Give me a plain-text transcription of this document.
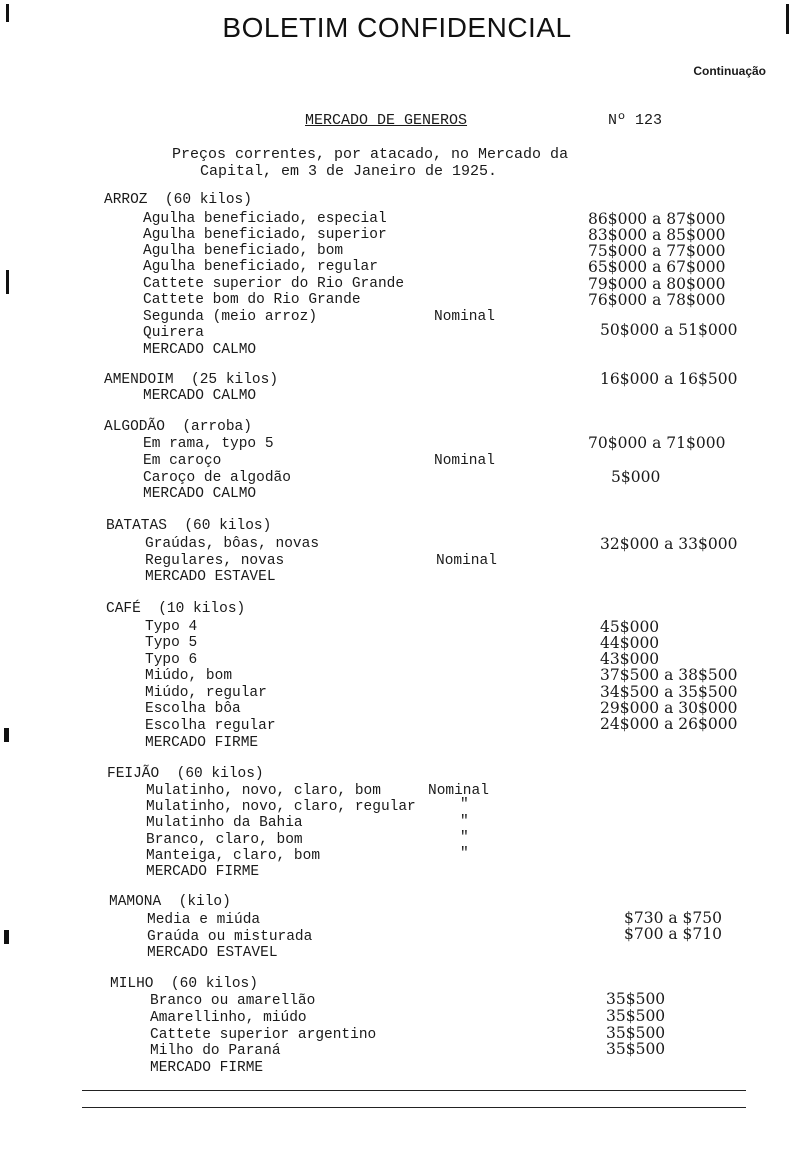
BOLETIM CONFIDENCIAL
Continuação
MERCADO DE GENEROS	Nº 123
Preços correntes, por atacado, no Mercado da
Capital, em 3 de Janeiro de 1925.
ARROZ  (60 kilos)
Agulha beneficiado, especial	86$000 a 87$000
Agulha beneficiado, superior	83$000 a 85$000
Agulha beneficiado, bom	75$000 a 77$000
Agulha beneficiado, regular	65$000 a 67$000
Cattete superior do Rio Grande	79$000 a 80$000
Cattete bom do Rio Grande	76$000 a 78$000
Segunda (meio arroz)	Nominal
Quirera	50$000 a 51$000
MERCADO CALMO
AMENDOIM  (25 kilos)	16$000 a 16$500
MERCADO CALMO
ALGODÃO  (arroba)
Em rama, typo 5	70$000 a 71$000
Em caroço	Nominal
Caroço de algodão	5$000
MERCADO CALMO
BATATAS  (60 kilos)
Graúdas, bôas, novas	32$000 a 33$000
Regulares, novas	Nominal
MERCADO ESTAVEL
CAFÉ  (10 kilos)
Typo 4	45$000
Typo 5	44$000
Typo 6	43$000
Miúdo, bom	37$500 a 38$500
Miúdo, regular	34$500 a 35$500
Escolha bôa	29$000 a 30$000
Escolha regular	24$000 a 26$000
MERCADO FIRME
FEIJÃO  (60 kilos)
Mulatinho, novo, claro, bom	Nominal
Mulatinho, novo, claro, regular	"
Mulatinho da Bahia	"
Branco, claro, bom	"
Manteiga, claro, bom	"
MERCADO FIRME
MAMONA  (kilo)
Media e miúda	$730 a $750
Graúda ou misturada	$700 a $710
MERCADO ESTAVEL
MILHO  (60 kilos)
Branco ou amarellão	35$500
Amarellinho, miúdo	35$500
Cattete superior argentino	35$500
Milho do Paraná	35$500
MERCADO FIRME
